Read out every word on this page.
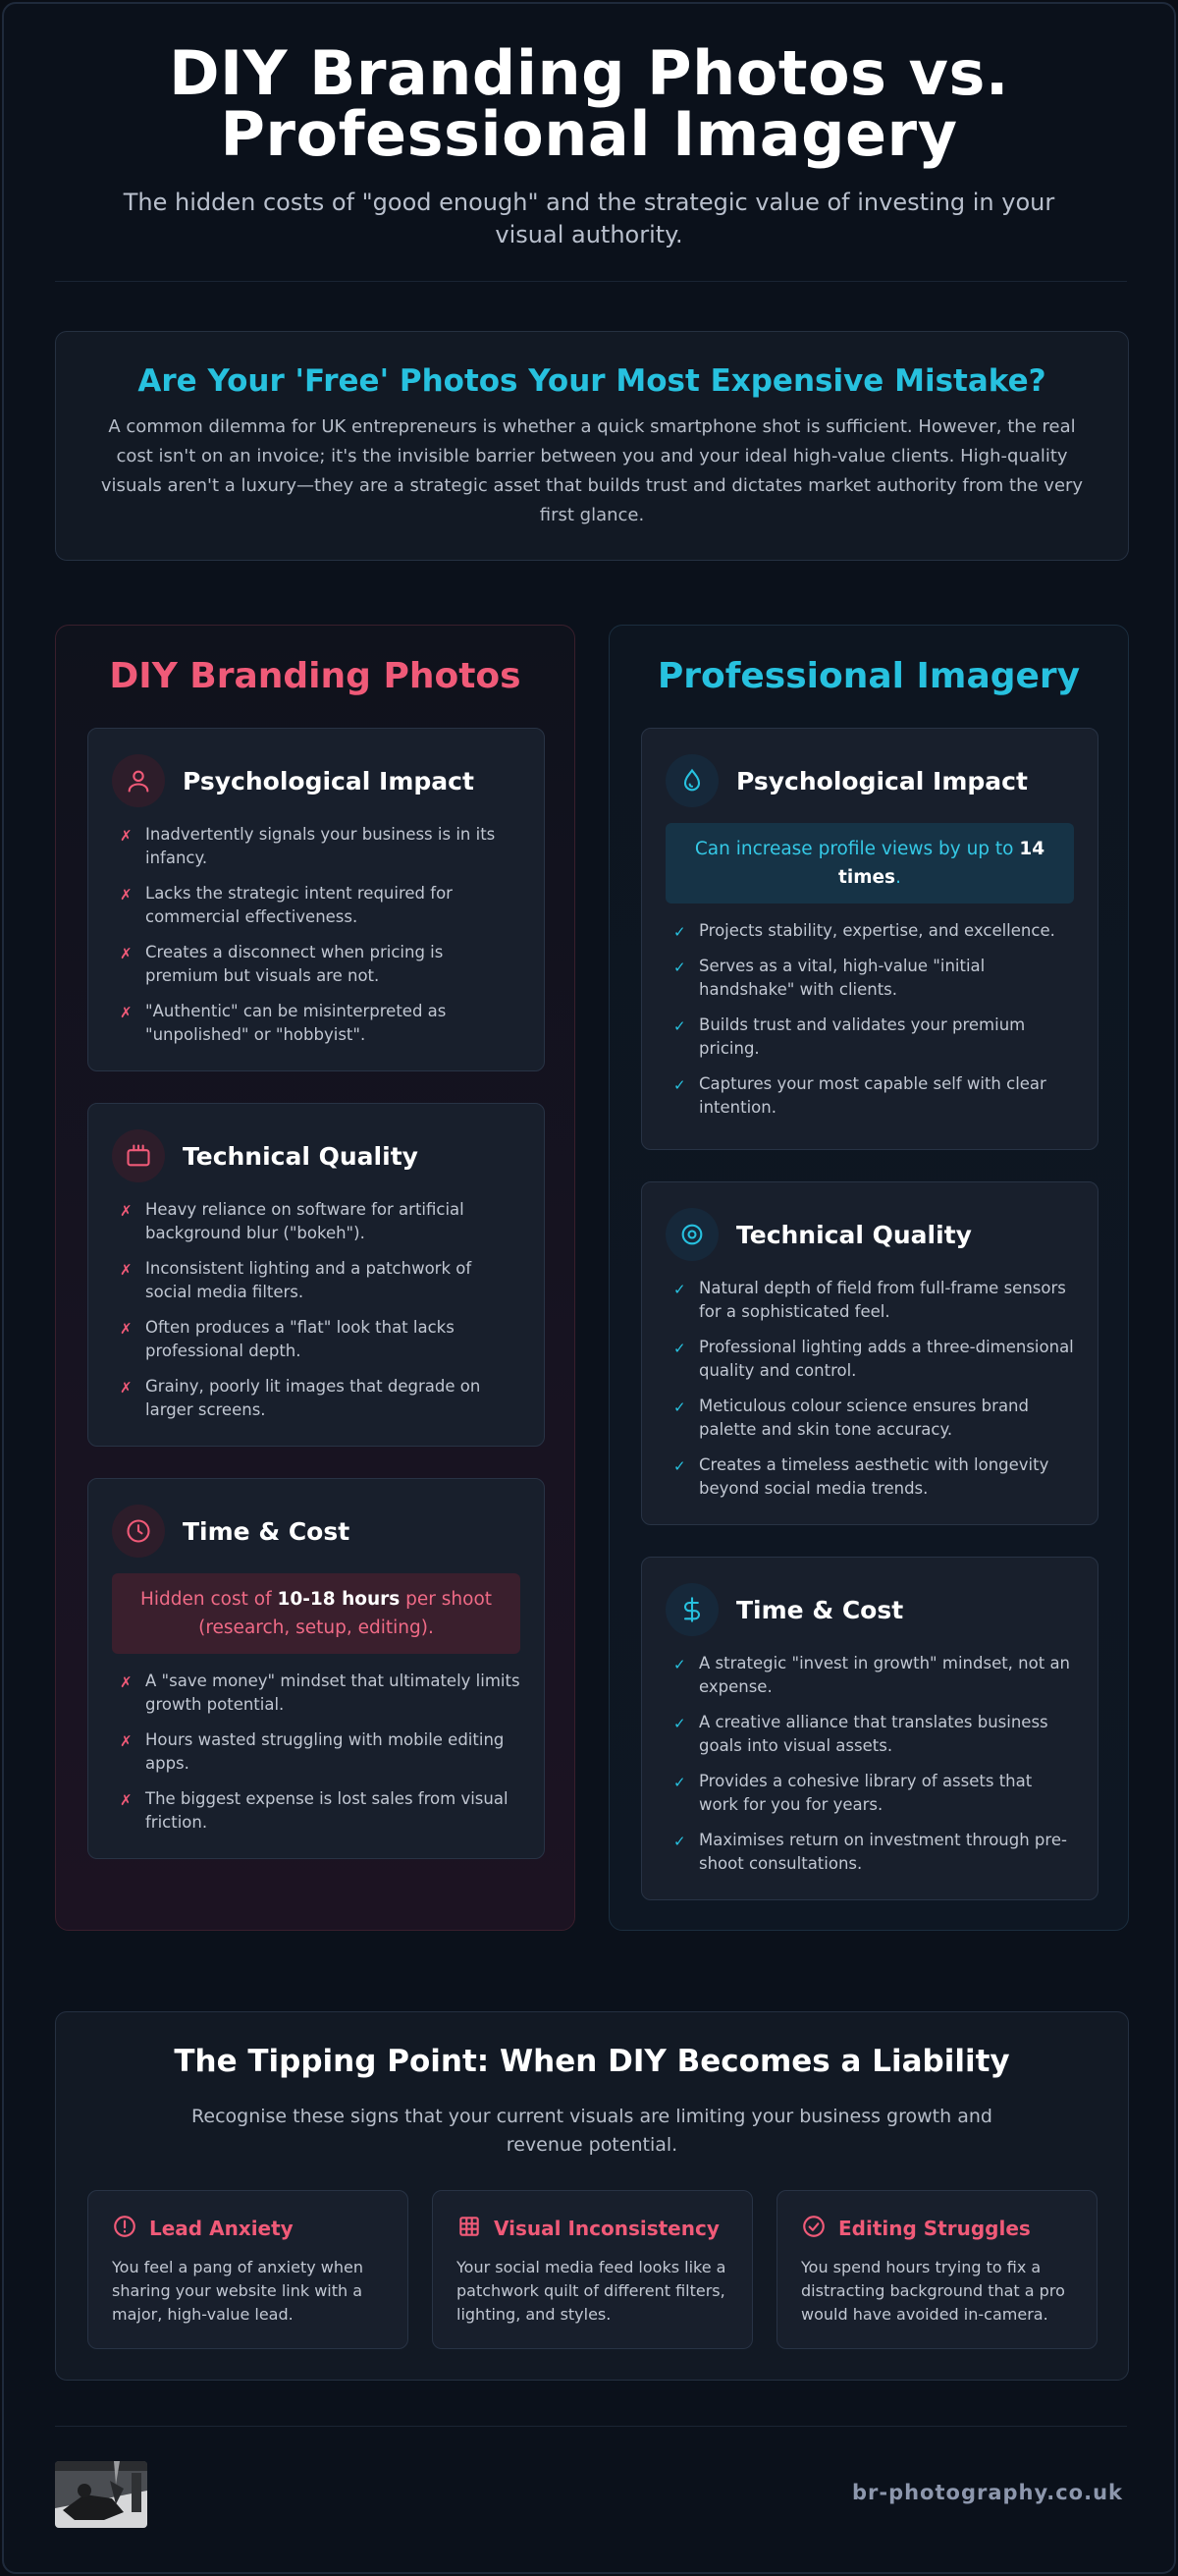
DIY Branding Photos vs.
Professional Imagery

The hidden costs of "good enough" and the strategic value of investing in your visual authority.

Are Your 'Free' Photos Your Most Expensive Mistake?

A common dilemma for UK entrepreneurs is whether a quick smartphone shot is sufficient. However, the real cost isn't on an invoice; it's the invisible barrier between you and your ideal high-value clients. High-quality visuals aren't a luxury—they are a strategic asset that builds trust and dictates market authority from the very first glance.

DIY Branding Photos
Psychological Impact
✗ Inadvertently signals your business is in its infancy.
✗ Lacks the strategic intent required for commercial effectiveness.
✗ Creates a disconnect when pricing is premium but visuals are not.
✗ "Authentic" can be misinterpreted as "unpolished" or "hobbyist".
Technical Quality
✗ Heavy reliance on software for artificial background blur ("bokeh").
✗ Inconsistent lighting and a patchwork of social media filters.
✗ Often produces a "flat" look that lacks professional depth.
✗ Grainy, poorly lit images that degrade on larger screens.
Time & Cost
Hidden cost of 10-18 hours per shoot (research, setup, editing).
✗ A "save money" mindset that ultimately limits growth potential.
✗ Hours wasted struggling with mobile editing apps.
✗ The biggest expense is lost sales from visual friction.
Professional Imagery
Psychological Impact
Can increase profile views by up to 14 times.
✓ Projects stability, expertise, and excellence.
✓ Serves as a vital, high-value "initial handshake" with clients.
✓ Builds trust and validates your premium pricing.
✓ Captures your most capable self with clear intention.
Technical Quality
✓ Natural depth of field from full-frame sensors for a sophisticated feel.
✓ Professional lighting adds a three-dimensional quality and control.
✓ Meticulous colour science ensures brand palette and skin tone accuracy.
✓ Creates a timeless aesthetic with longevity beyond social media trends.
Time & Cost
✓ A strategic "invest in growth" mindset, not an expense.
✓ A creative alliance that translates business goals into visual assets.
✓ Provides a cohesive library of assets that work for you for years.
✓ Maximises return on investment through pre-shoot consultations.
The Tipping Point: When DIY Becomes a Liability

Recognise these signs that your current visuals are limiting your business growth and revenue potential.

Lead Anxiety

You feel a pang of anxiety when sharing your website link with a major, high-value lead.

Visual Inconsistency

Your social media feed looks like a patchwork quilt of different filters, lighting, and styles.

Editing Struggles

You spend hours trying to fix a distracting background that a pro would have avoided in-camera.

br-photography.co.uk
